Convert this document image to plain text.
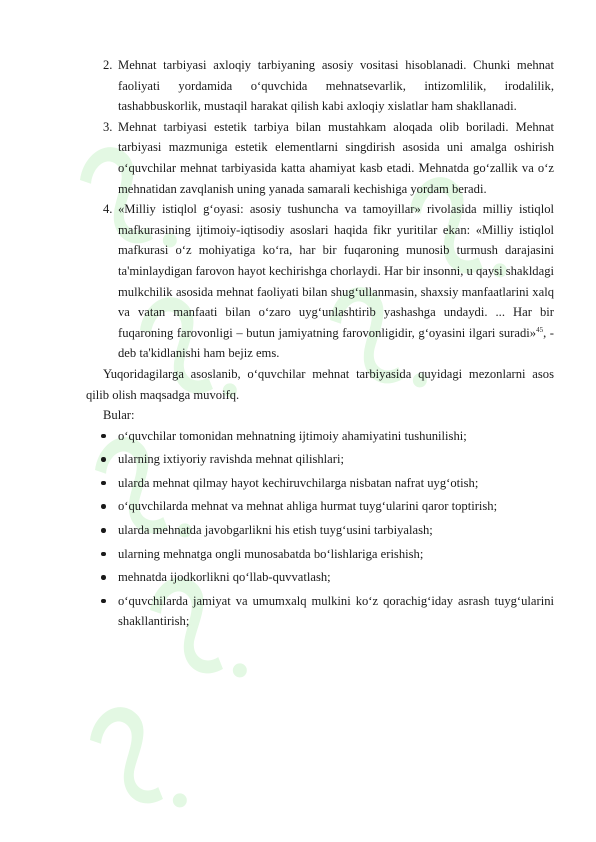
2. Mehnat tarbiyasi axloqiy tarbiyaning asosiy vositasi hisoblanadi. Chunki mehnat faoliyati yordamida o‘quvchida mehnatsevarlik, intizomlilik, irodalilik, tashabbuskorlik, mustaqil harakat qilish kabi axloqiy xislatlar ham shakllanadi.
3. Mehnat tarbiyasi estetik tarbiya bilan mustahkam aloqada olib boriladi. Mehnat tarbiyasi mazmuniga estetik elementlarni singdirish asosida uni amalga oshirish o‘quvchilar mehnat tarbiyasida katta ahamiyat kasb etadi. Mehnatda go‘zallik va o‘z mehnatidan zavqlanish uning yanada samarali kechishiga yordam beradi.
4. «Milliy istiqlol g‘oyasi: asosiy tushuncha va tamoyillar» rivolasida milliy istiqlol mafkurasining ijtimoiy-iqtisodiy asoslari haqida fikr yuritilar ekan: «Milliy istiqlol mafkurasi o‘z mohiyatiga ko‘ra, har bir fuqaroning munosib turmush darajasini ta'minlaydigan farovon hayot kechirishga chorlaydi. Har bir insonni, u qaysi shakldagi mulkchilik asosida mehnat faoliyati bilan shug‘ullanmasin, shaxsiy manfaatlarini xalq va vatan manfaati bilan o‘zaro uyg‘unlashtirib yashashga undaydi. ... Har bir fuqaroning farovonligi – butun jamiyatning farovonligidir, g‘oyasini ilgari suradi»$^{45}$, - deb ta'kidlanishi ham bejiz ems.

Yuqoridagilarga asoslanib, o‘quvchilar mehnat tarbiyasida quyidagi mezonlarni asos qilib olish maqsadga muvoifq.

Bular:

o‘quvchilar tomonidan mehnatning ijtimoiy ahamiyatini tushunilishi;
ularning ixtiyoriy ravishda mehnat qilishlari;
ularda mehnat qilmay hayot kechiruvchilarga nisbatan nafrat uyg‘otish;
o‘quvchilarda mehnat va mehnat ahliga hurmat tuyg‘ularini qaror toptirish;
ularda mehnatda javobgarlikni his etish tuyg‘usini tarbiyalash;
ularning mehnatga ongli munosabatda bo‘lishlariga erishish;
mehnatda ijodkorlikni qo‘llab-quvvatlash;
o‘quvchilarda jamiyat va umumxalq mulkini ko‘z qorachig‘iday asrash tuyg‘ularini shakllantirish;
